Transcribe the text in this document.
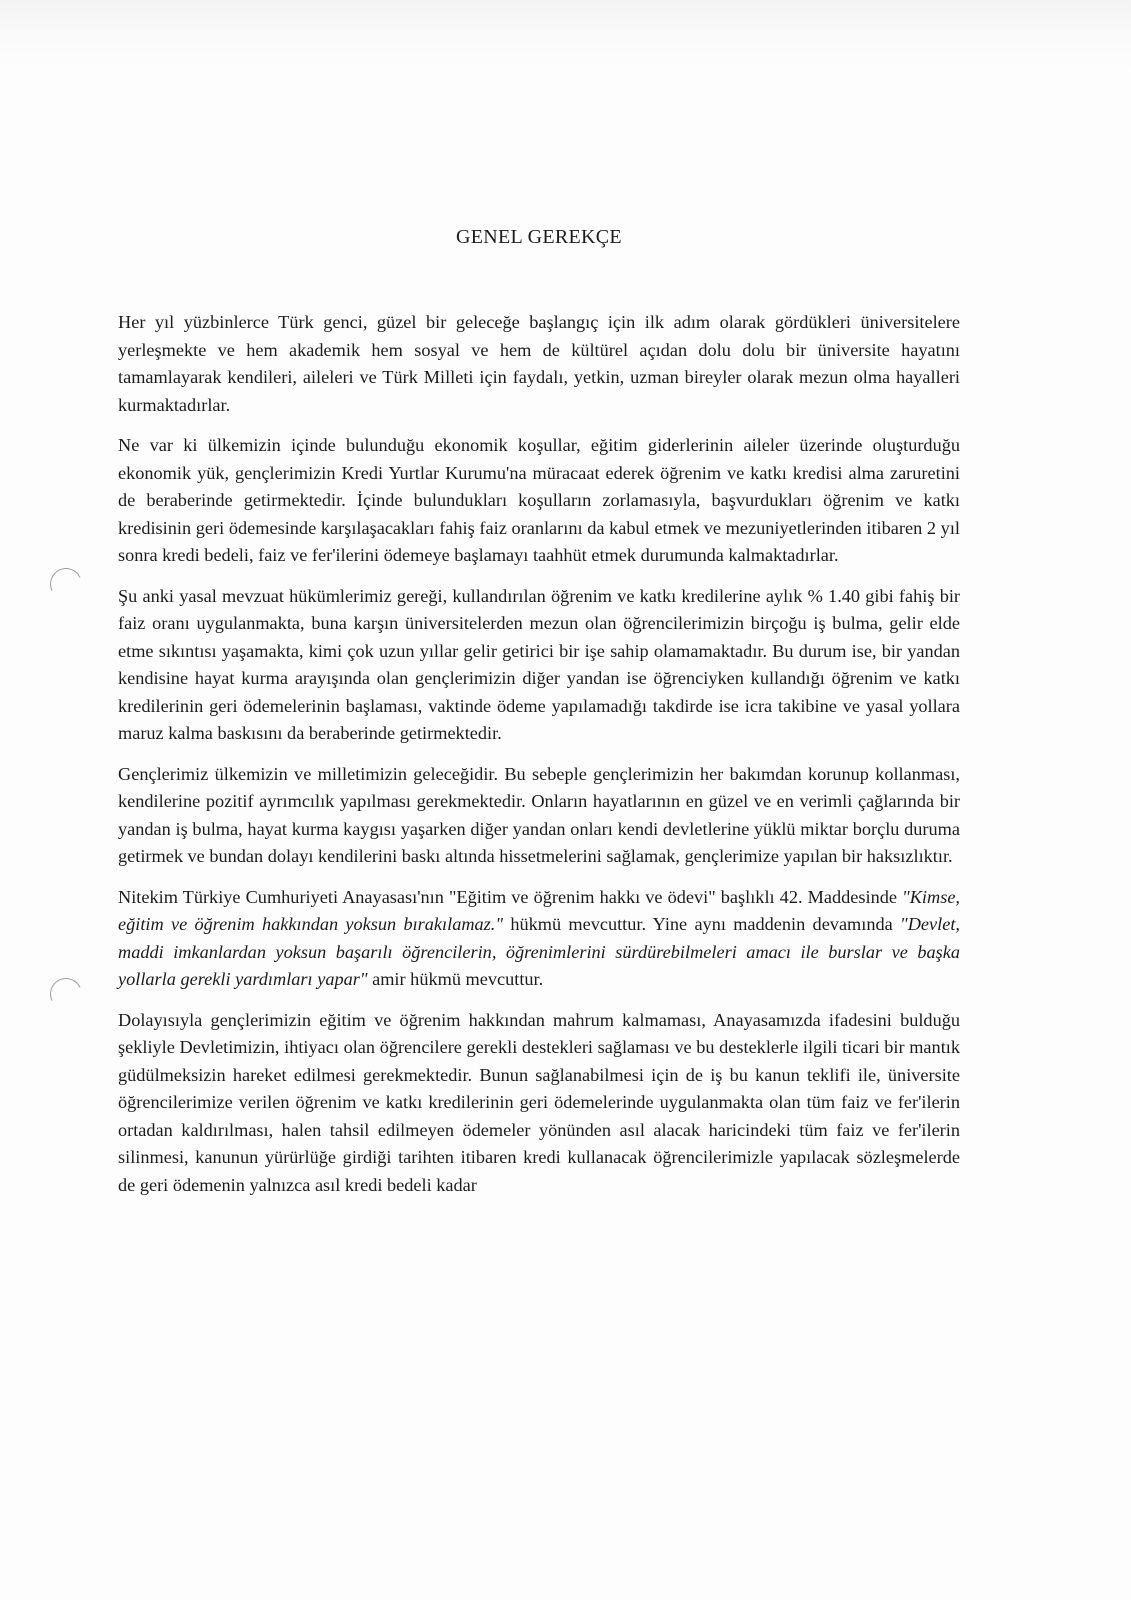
GENEL GEREKÇE

Her yıl yüzbinlerce Türk genci, güzel bir geleceğe başlangıç için ilk adım olarak gördükleri üniversitelere yerleşmekte ve hem akademik hem sosyal ve hem de kültürel açıdan dolu dolu bir üniversite hayatını tamamlayarak kendileri, aileleri ve Türk Milleti için faydalı, yetkin, uzman bireyler olarak mezun olma hayalleri kurmaktadırlar.

Ne var ki ülkemizin içinde bulunduğu ekonomik koşullar, eğitim giderlerinin aileler üzerinde oluşturduğu ekonomik yük, gençlerimizin Kredi Yurtlar Kurumu'na müracaat ederek öğrenim ve katkı kredisi alma zaruretini de beraberinde getirmektedir. İçinde bulundukları koşulların zorlamasıyla, başvurdukları öğrenim ve katkı kredisinin geri ödemesinde karşılaşacakları fahiş faiz oranlarını da kabul etmek ve mezuniyetlerinden itibaren 2 yıl sonra kredi bedeli, faiz ve fer'ilerini ödemeye başlamayı taahhüt etmek durumunda kalmaktadırlar.

Şu anki yasal mevzuat hükümlerimiz gereği, kullandırılan öğrenim ve katkı kredilerine aylık % 1.40 gibi fahiş bir faiz oranı uygulanmakta, buna karşın üniversitelerden mezun olan öğrencilerimizin birçoğu iş bulma, gelir elde etme sıkıntısı yaşamakta, kimi çok uzun yıllar gelir getirici bir işe sahip olamamaktadır. Bu durum ise, bir yandan kendisine hayat kurma arayışında olan gençlerimizin diğer yandan ise öğrenciyken kullandığı öğrenim ve katkı kredilerinin geri ödemelerinin başlaması, vaktinde ödeme yapılamadığı takdirde ise icra takibine ve yasal yollara maruz kalma baskısını da beraberinde getirmektedir.

Gençlerimiz ülkemizin ve milletimizin geleceğidir. Bu sebeple gençlerimizin her bakımdan korunup kollanması, kendilerine pozitif ayrımcılık yapılması gerekmektedir. Onların hayatlarının en güzel ve en verimli çağlarında bir yandan iş bulma, hayat kurma kaygısı yaşarken diğer yandan onları kendi devletlerine yüklü miktar borçlu duruma getirmek ve bundan dolayı kendilerini baskı altında hissetmelerini sağlamak, gençlerimize yapılan bir haksızlıktır.

Nitekim Türkiye Cumhuriyeti Anayasası'nın "Eğitim ve öğrenim hakkı ve ödevi" başlıklı 42. Maddesinde "Kimse, eğitim ve öğrenim hakkından yoksun bırakılamaz." hükmü mevcuttur. Yine aynı maddenin devamında "Devlet, maddi imkanlardan yoksun başarılı öğrencilerin, öğrenimlerini sürdürebilmeleri amacı ile burslar ve başka yollarla gerekli yardımları yapar" amir hükmü mevcuttur.

Dolayısıyla gençlerimizin eğitim ve öğrenim hakkından mahrum kalmaması, Anayasamızda ifadesini bulduğu şekliyle Devletimizin, ihtiyacı olan öğrencilere gerekli destekleri sağlaması ve bu desteklerle ilgili ticari bir mantık güdülmeksizin hareket edilmesi gerekmektedir. Bunun sağlanabilmesi için de iş bu kanun teklifi ile, üniversite öğrencilerimize verilen öğrenim ve katkı kredilerinin geri ödemelerinde uygulanmakta olan tüm faiz ve fer'ilerin ortadan kaldırılması, halen tahsil edilmeyen ödemeler yönünden asıl alacak haricindeki tüm faiz ve fer'ilerin silinmesi, kanunun yürürlüğe girdiği tarihten itibaren kredi kullanacak öğrencilerimizle yapılacak sözleşmelerde de geri ödemenin yalnızca asıl kredi bedeli kadar
